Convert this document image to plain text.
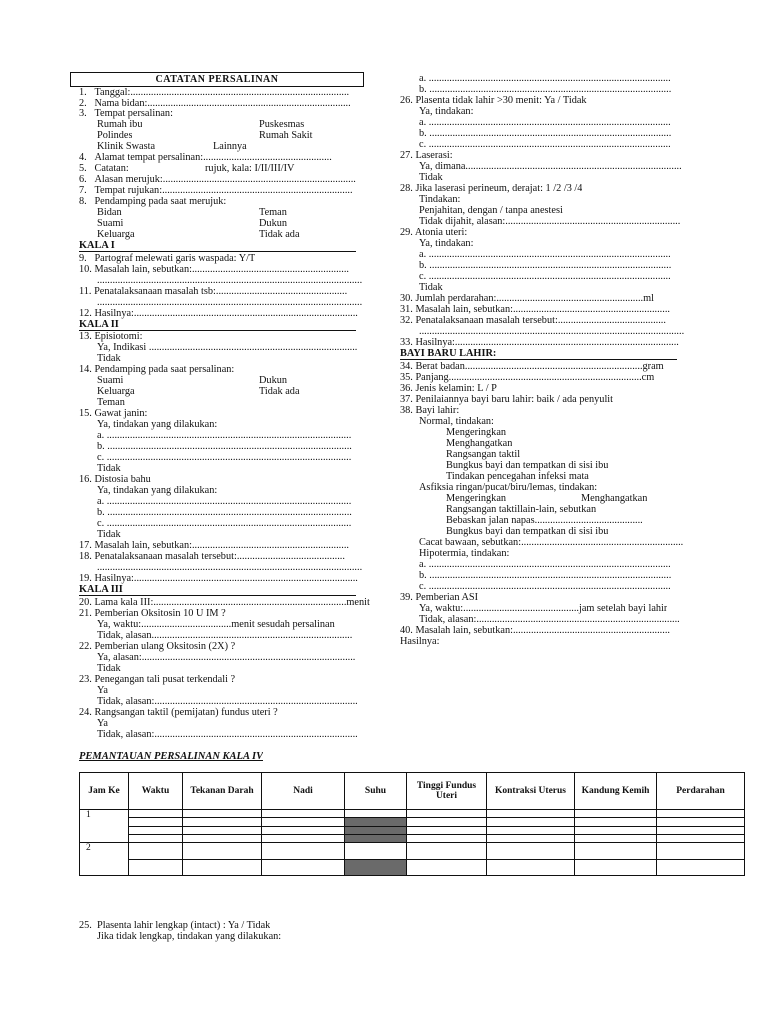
CATATAN PERSALINAN
1.   Tanggal:.....................................................................................
2.   Nama bidan:...............................................................................
3.   Tempat persalinan:
Rumah ibu	Puskesmas
Polindes	Rumah Sakit
Klinik Swasta	Lainnya
4.   Alamat tempat persalinan:..................................................
5.   Catatan:	rujuk, kala: I/II/III/IV
6.   Alasan merujuk:...........................................................................
7.   Tempat rujukan:..........................................................................
8.   Pendamping pada saat merujuk:
Bidan	Teman
Suami	Dukun
Keluarga	Tidak ada
KALA I
9.   Partograf melewati garis waspada: Y/T
10. Masalah lain, sebutkan:.............................................................
.......................................................................................................
11. Penatalaksanaan masalah tsb:...................................................
.......................................................................................................
12. Hasilnya:.......................................................................................
KALA II
13. Episiotomi:
Ya, Indikasi .................................................................................
Tidak
14. Pendamping pada saat persalinan:
Suami	Dukun
Keluarga	Tidak ada
Teman
15. Gawat janin:
Ya, tindakan yang dilakukan:
a. ...............................................................................................
b. ...............................................................................................
c. ...............................................................................................
Tidak
16. Distosia bahu
Ya, tindakan yang dilakukan:
a. ...............................................................................................
b. ...............................................................................................
c. ...............................................................................................
Tidak
17. Masalah lain, sebutkan:.............................................................
18. Penatalaksanaan masalah tersebut:..........................................
.......................................................................................................
19. Hasilnya:.......................................................................................
KALA III
20. Lama kala III:...........................................................................menit
21. Pemberian Oksitosin 10 U IM ?
Ya, waktu:...................................menit sesudah persalinan
Tidak, alasan..............................................................................
22. Pemberian ulang Oksitosin (2X) ?
Ya, alasan:...................................................................................
Tidak
23. Penegangan tali pusat terkendali ?
Ya
Tidak, alasan:...............................................................................
24. Rangsangan taktil (pemijatan) fundus uteri ?
Ya
Tidak, alasan:...............................................................................
a. ..............................................................................................
b. ..............................................................................................
26. Plasenta tidak lahir >30 menit: Ya / Tidak
Ya, tindakan:
a. ..............................................................................................
b. ..............................................................................................
c. ..............................................................................................
27. Laserasi:
Ya, dimana....................................................................................
Tidak
28. Jika laserasi perineum, derajat: 1 /2 /3 /4
Tindakan:
Penjahitan, dengan / tanpa anestesi
Tidak dijahit, alasan:....................................................................
29. Atonia uteri:
Ya, tindakan:
a. ..............................................................................................
b. ..............................................................................................
c. ..............................................................................................
Tidak
30. Jumlah perdarahan:.........................................................ml
31. Masalah lain, sebutkan:.............................................................
32. Penatalaksanaan masalah tersebut:..........................................
.......................................................................................................
33. Hasilnya:.......................................................................................
BAYI BARU LAHIR:
34. Berat badan.....................................................................gram
35. Panjang...........................................................................cm
36. Jenis kelamin: L / P
37. Penilaiannya bayi baru lahir: baik / ada penyulit
38. Bayi lahir:
Normal, tindakan:
Mengeringkan
Menghangatkan
Rangsangan taktil
Bungkus bayi dan tempatkan di sisi ibu
Tindakan pencegahan infeksi mata
Asfiksia ringan/pucat/biru/lemas, tindakan:
Mengeringkan	Menghangatkan
Rangsangan taktillain-lain, sebutkan
Bebaskan jalan napas..........................................
Bungkus bayi dan tempatkan di sisi ibu
Cacat bawaan, sebutkan:...............................................................
Hipotermia, tindakan:
a. ..............................................................................................
b. ..............................................................................................
c. ..............................................................................................
39. Pemberian ASI
Ya, waktu:.............................................jam setelah bayi lahir
Tidak, alasan:...............................................................................
40. Masalah lain, sebutkan:.............................................................
Hasilnya:
PEMANTAUAN PERSALINAN KALA IV
Jam Ke	Waktu	Tekanan Darah	Nadi	Suhu	Tinggi Fundus Uteri	Kontraksi Uterus	Kandung Kemih	Perdarahan
1								

2								

25.  Plasenta lahir lengkap (intact) : Ya / Tidak
Jika tidak lengkap, tindakan yang dilakukan:
